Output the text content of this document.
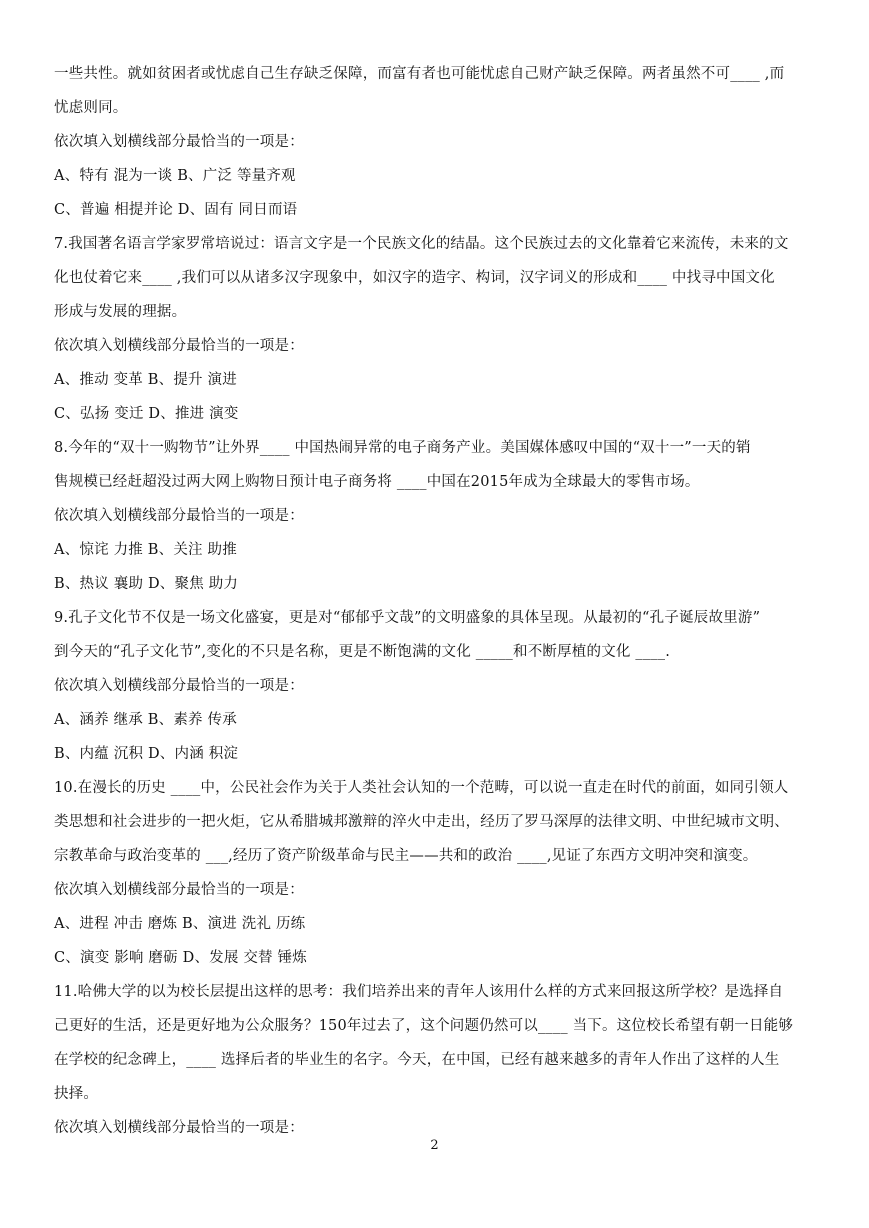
一些共性。就如贫困者或忧虑自己生存缺乏保障，而富有者也可能忧虑自己财产缺乏保障。两者虽然不可____ ,而
忧虑则同。
依次填入划横线部分最恰当的一项是：
A、特有 混为一谈 B、广泛 等量齐观
C、普遍 相提并论 D、固有 同日而语
7.我国著名语言学家罗常培说过：语言文字是一个民族文化的结晶。这个民族过去的文化靠着它来流传，未来的文
化也仗着它来____ ,我们可以从诸多汉字现象中，如汉字的造字、构词，汉字词义的形成和____ 中找寻中国文化
形成与发展的理据。
依次填入划横线部分最恰当的一项是：
A、推动 变革 B、提升 演进
C、弘扬 变迁 D、推进 演变
8.今年的“双十一购物节”让外界____ 中国热闹异常的电子商务产业。美国媒体感叹中国的“双十一”一天的销
售规模已经赶超没过两大网上购物日预计电子商务将 ____中国在2015年成为全球最大的零售市场。
依次填入划横线部分最恰当的一项是：
A、惊诧 力推 B、关注 助推
B、热议 襄助 D、聚焦 助力
9.孔子文化节不仅是一场文化盛宴，更是对“郁郁乎文哉”的文明盛象的具体呈现。从最初的“孔子诞辰故里游”
到今天的“孔子文化节”,变化的不只是名称，更是不断饱满的文化 _____和不断厚植的文化 ____.
依次填入划横线部分最恰当的一项是：
A、涵养 继承 B、素养 传承
B、内蕴 沉积 D、内涵 积淀
10.在漫长的历史 ____中，公民社会作为关于人类社会认知的一个范畴，可以说一直走在时代的前面，如同引领人
类思想和社会进步的一把火炬，它从希腊城邦激辩的淬火中走出，经历了罗马深厚的法律文明、中世纪城市文明、
宗教革命与政治变革的 ___,经历了资产阶级革命与民主——共和的政治 ____,见证了东西方文明冲突和演变。
依次填入划横线部分最恰当的一项是：
A、进程 冲击 磨炼 B、演进 洗礼 历练
C、演变 影响 磨砺 D、发展 交替 锤炼
11.哈佛大学的以为校长层提出这样的思考：我们培养出来的青年人该用什么样的方式来回报这所学校？是选择自
己更好的生活，还是更好地为公众服务？150年过去了，这个问题仍然可以____ 当下。这位校长希望有朝一日能够
在学校的纪念碑上，____ 选择后者的毕业生的名字。今天，在中国，已经有越来越多的青年人作出了这样的人生
抉择。
依次填入划横线部分最恰当的一项是：
2
